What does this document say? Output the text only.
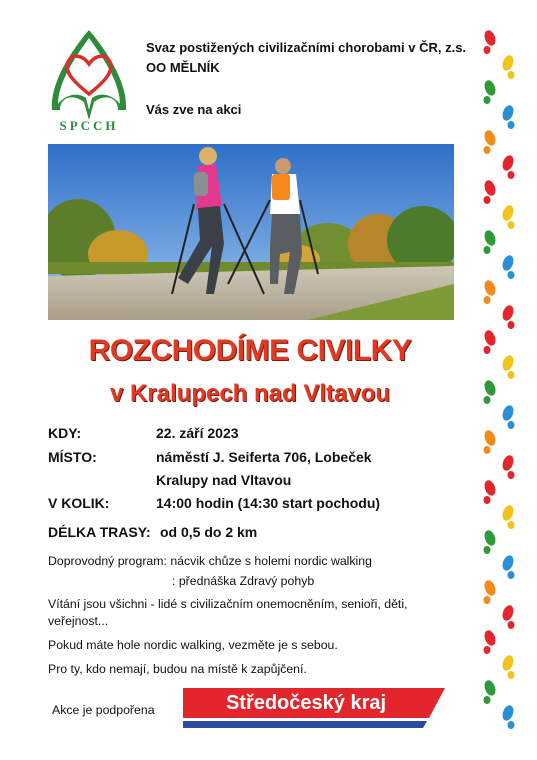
SPCCH
Svaz postižených civilizačními chorobami v ČR, z.s.
OO MĚLNÍK
Vás zve na akci
ROZCHODÍME CIVILKY
v Kralupech nad Vltavou
KDY:	22. září 2023
MÍSTO:	náměstí J. Seiferta 706, Lobeček
Kralupy nad Vltavou
V KOLIK:	14:00 hodin (14:30 start pochodu)
DÉLKA TRASY: od 0,5 do 2 km
Doprovodný program: nácvik chůze s holemi nordic walking
: přednáška Zdravý pohyb
Vítání jsou všichni - lidé s civilizačním onemocněním, senioři, děti,
veřejnost...
Pokud máte hole nordic walking, vezměte je s sebou.
Pro ty, kdo nemají, budou na místě k zapůjčení.
Akce je podpořena	Středočeský kraj
